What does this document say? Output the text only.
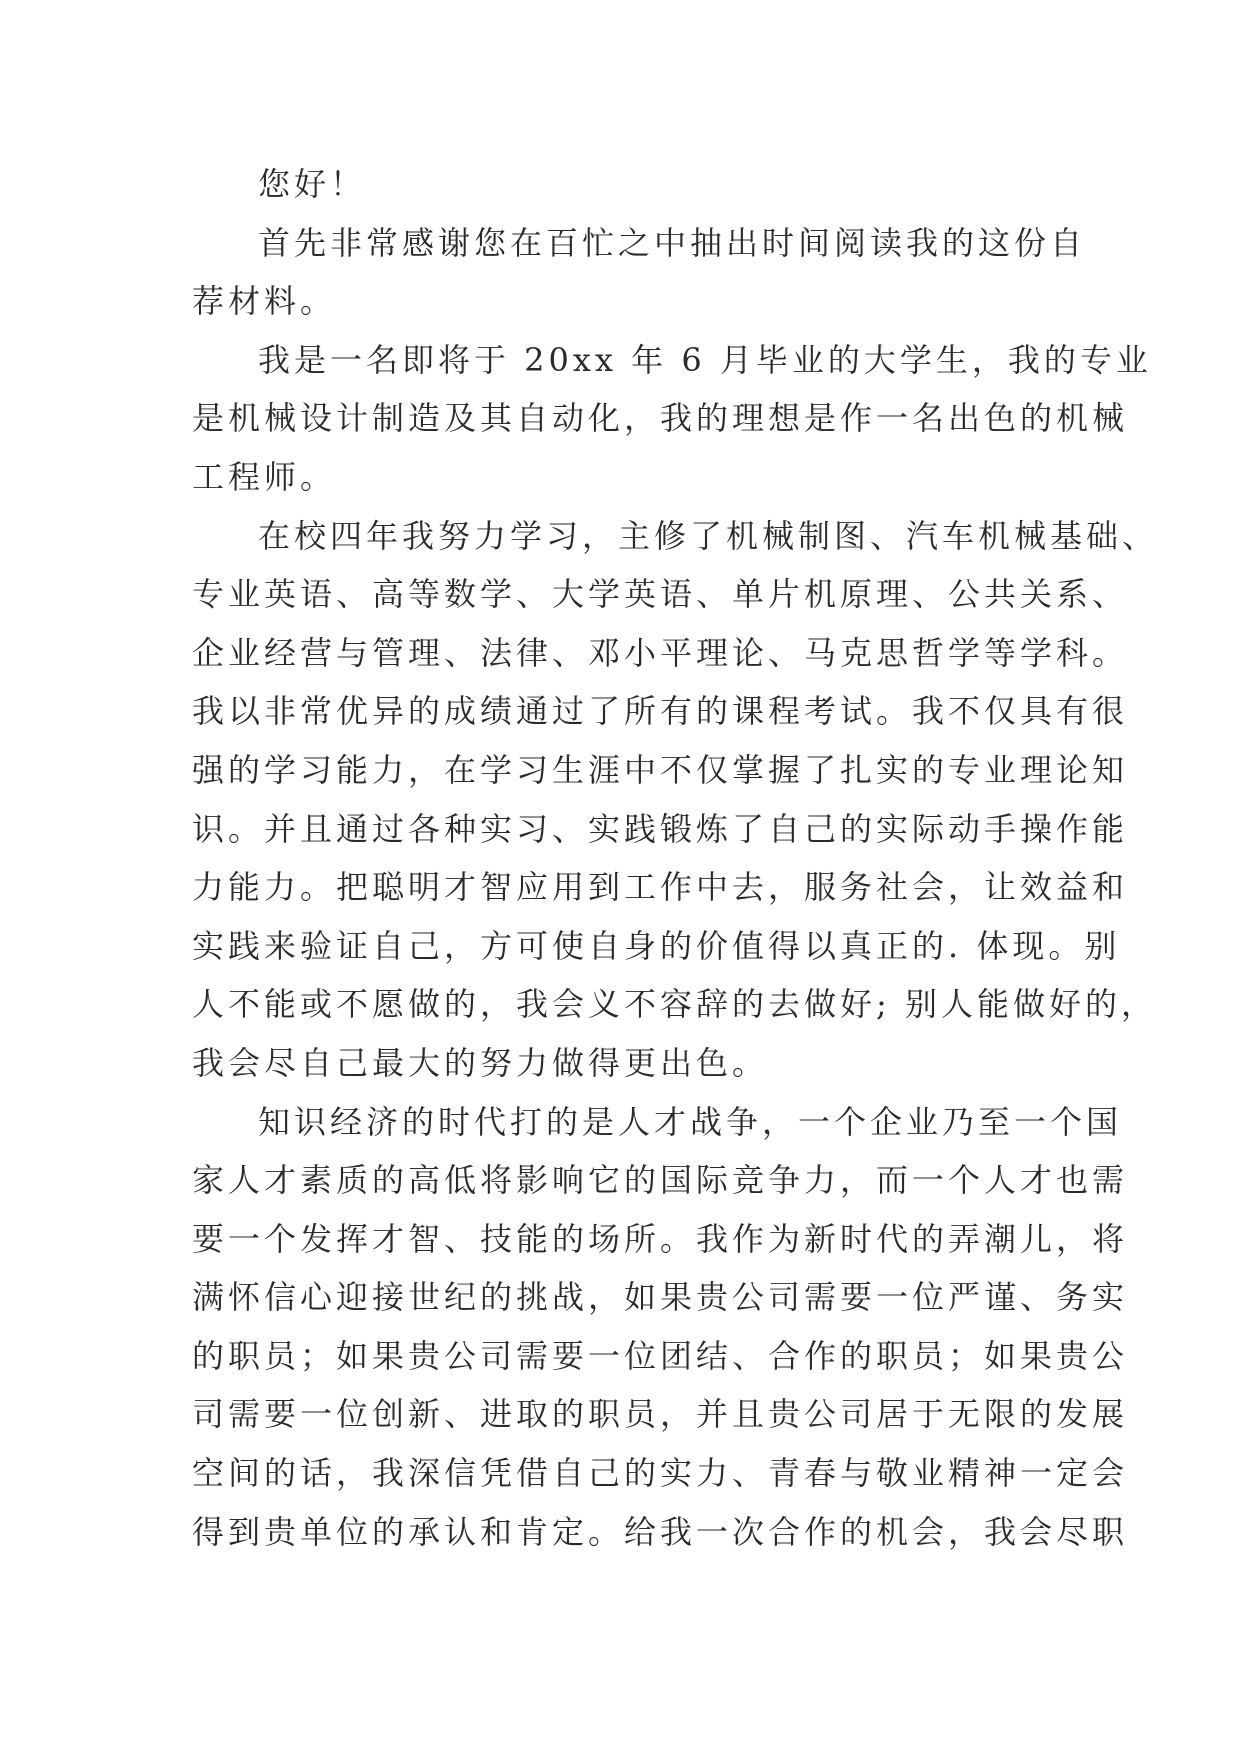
您好！
首先非常感谢您在百忙之中抽出时间阅读我的这份自
荐材料。
我是一名即将于 20xx 年 6 月毕业的大学生，我的专业
是机械设计制造及其自动化，我的理想是作一名出色的机械
工程师。
在校四年我努力学习，主修了机械制图、汽车机械基础、
专业英语、高等数学、大学英语、单片机原理、公共关系、
企业经营与管理、法律、邓小平理论、马克思哲学等学科。
我以非常优异的成绩通过了所有的课程考试。我不仅具有很
强的学习能力，在学习生涯中不仅掌握了扎实的专业理论知
识。并且通过各种实习、实践锻炼了自己的实际动手操作能
力能力。把聪明才智应用到工作中去，服务社会，让效益和
实践来验证自己，方可使自身的价值得以真正的. 体现。别
人不能或不愿做的，我会义不容辞的去做好; 别人能做好的，
我会尽自己最大的努力做得更出色。
知识经济的时代打的是人才战争，一个企业乃至一个国
家人才素质的高低将影响它的国际竞争力，而一个人才也需
要一个发挥才智、技能的场所。我作为新时代的弄潮儿，将
满怀信心迎接世纪的挑战，如果贵公司需要一位严谨、务实
的职员；如果贵公司需要一位团结、合作的职员；如果贵公
司需要一位创新、进取的职员，并且贵公司居于无限的发展
空间的话，我深信凭借自己的实力、青春与敬业精神一定会
得到贵单位的承认和肯定。给我一次合作的机会，我会尽职
